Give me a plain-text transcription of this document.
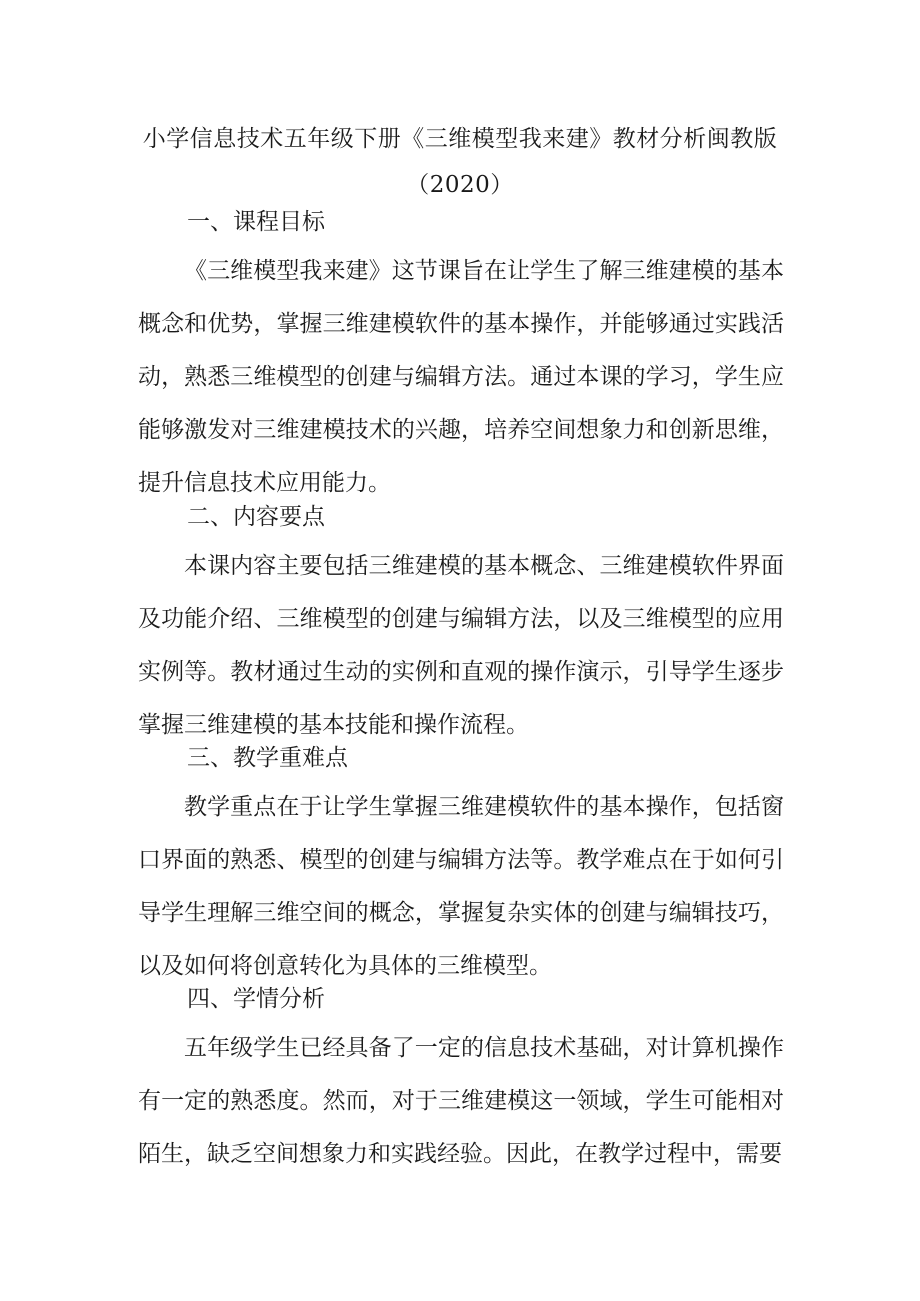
小学信息技术五年级下册《三维模型我来建》教材分析闽教版（2020）
一、课程目标
《三维模型我来建》这节课旨在让学生了解三维建模的基本概念和优势，掌握三维建模软件的基本操作，并能够通过实践活动，熟悉三维模型的创建与编辑方法。通过本课的学习，学生应能够激发对三维建模技术的兴趣，培养空间想象力和创新思维，提升信息技术应用能力。
二、内容要点
本课内容主要包括三维建模的基本概念、三维建模软件界面及功能介绍、三维模型的创建与编辑方法，以及三维模型的应用实例等。教材通过生动的实例和直观的操作演示，引导学生逐步掌握三维建模的基本技能和操作流程。
三、教学重难点
教学重点在于让学生掌握三维建模软件的基本操作，包括窗口界面的熟悉、模型的创建与编辑方法等。教学难点在于如何引导学生理解三维空间的概念，掌握复杂实体的创建与编辑技巧，以及如何将创意转化为具体的三维模型。
四、学情分析
五年级学生已经具备了一定的信息技术基础，对计算机操作有一定的熟悉度。然而，对于三维建模这一领域，学生可能相对陌生，缺乏空间想象力和实践经验。因此，在教学过程中，需要
